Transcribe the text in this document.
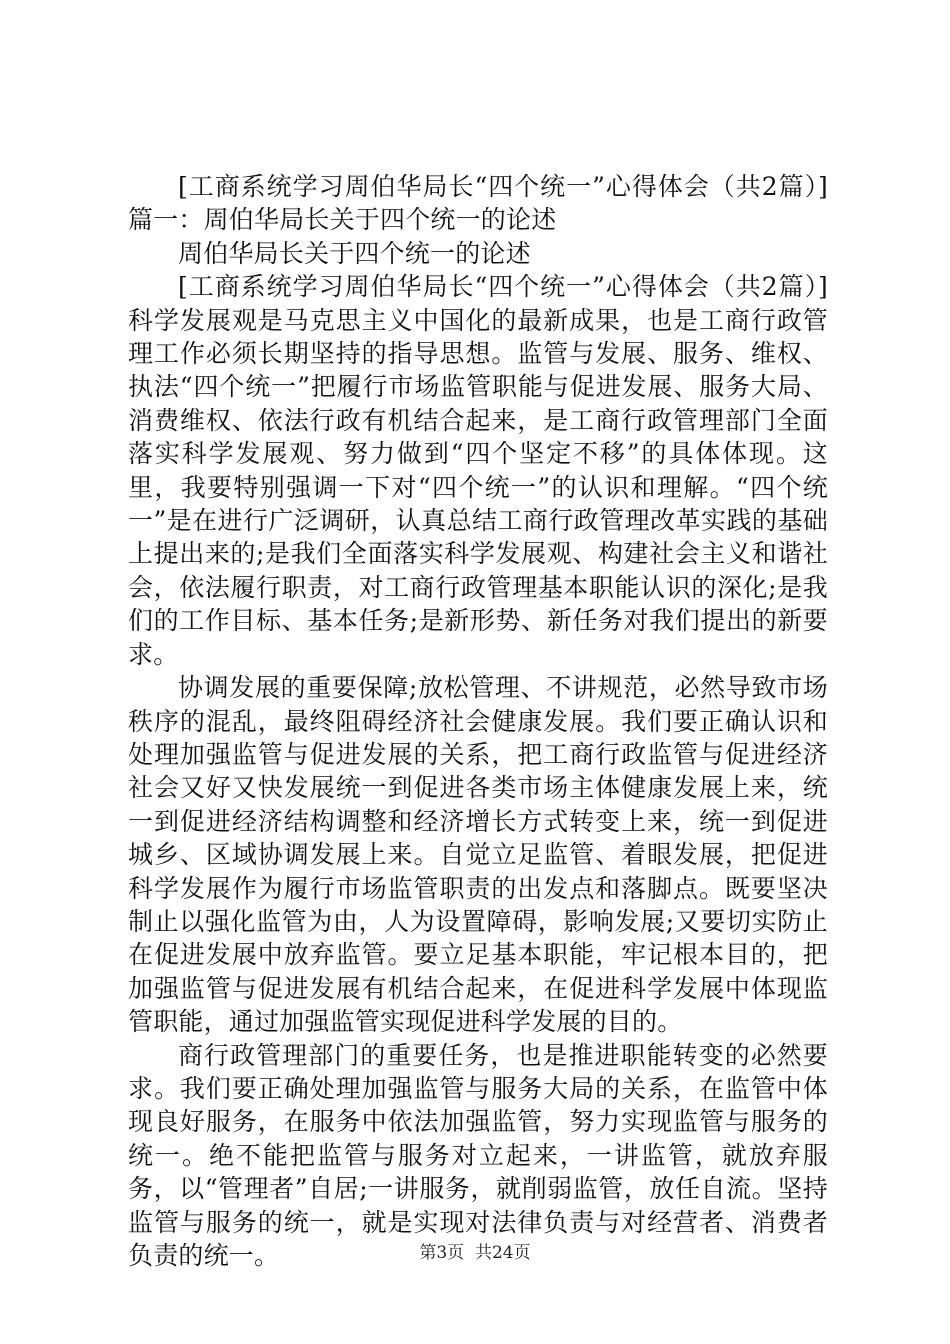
[工商系统学习周伯华局长“四个统一”心得体会（共2篇）]篇一：周伯华局长关于四个统一的论述

周伯华局长关于四个统一的论述

[工商系统学习周伯华局长“四个统一”心得体会（共2篇）]科学发展观是马克思主义中国化的最新成果，也是工商行政管理工作必须长期坚持的指导思想。监管与发展、服务、维权、执法“四个统一”把履行市场监管职能与促进发展、服务大局、消费维权、依法行政有机结合起来，是工商行政管理部门全面落实科学发展观、努力做到“四个坚定不移”的具体体现。这里，我要特别强调一下对“四个统一”的认识和理解。“四个统一”是在进行广泛调研，认真总结工商行政管理改革实践的基础上提出来的;是我们全面落实科学发展观、构建社会主义和谐社会，依法履行职责，对工商行政管理基本职能认识的深化;是我们的工作目标、基本任务;是新形势、新任务对我们提出的新要求。

协调发展的重要保障;放松管理、不讲规范，必然导致市场秩序的混乱，最终阻碍经济社会健康发展。我们要正确认识和处理加强监管与促进发展的关系，把工商行政监管与促进经济社会又好又快发展统一到促进各类市场主体健康发展上来，统一到促进经济结构调整和经济增长方式转变上来，统一到促进城乡、区域协调发展上来。自觉立足监管、着眼发展，把促进科学发展作为履行市场监管职责的出发点和落脚点。既要坚决制止以强化监管为由，人为设置障碍，影响发展;又要切实防止在促进发展中放弃监管。要立足基本职能，牢记根本目的，把加强监管与促进发展有机结合起来，在促进科学发展中体现监管职能，通过加强监管实现促进科学发展的目的。

商行政管理部门的重要任务，也是推进职能转变的必然要求。我们要正确处理加强监管与服务大局的关系，在监管中体现良好服务，在服务中依法加强监管，努力实现监管与服务的统一。绝不能把监管与服务对立起来，一讲监管，就放弃服务，以“管理者”自居;一讲服务，就削弱监管，放任自流。坚持监管与服务的统一，就是实现对法律负责与对经营者、消费者负责的统一。	第3页  共24页
